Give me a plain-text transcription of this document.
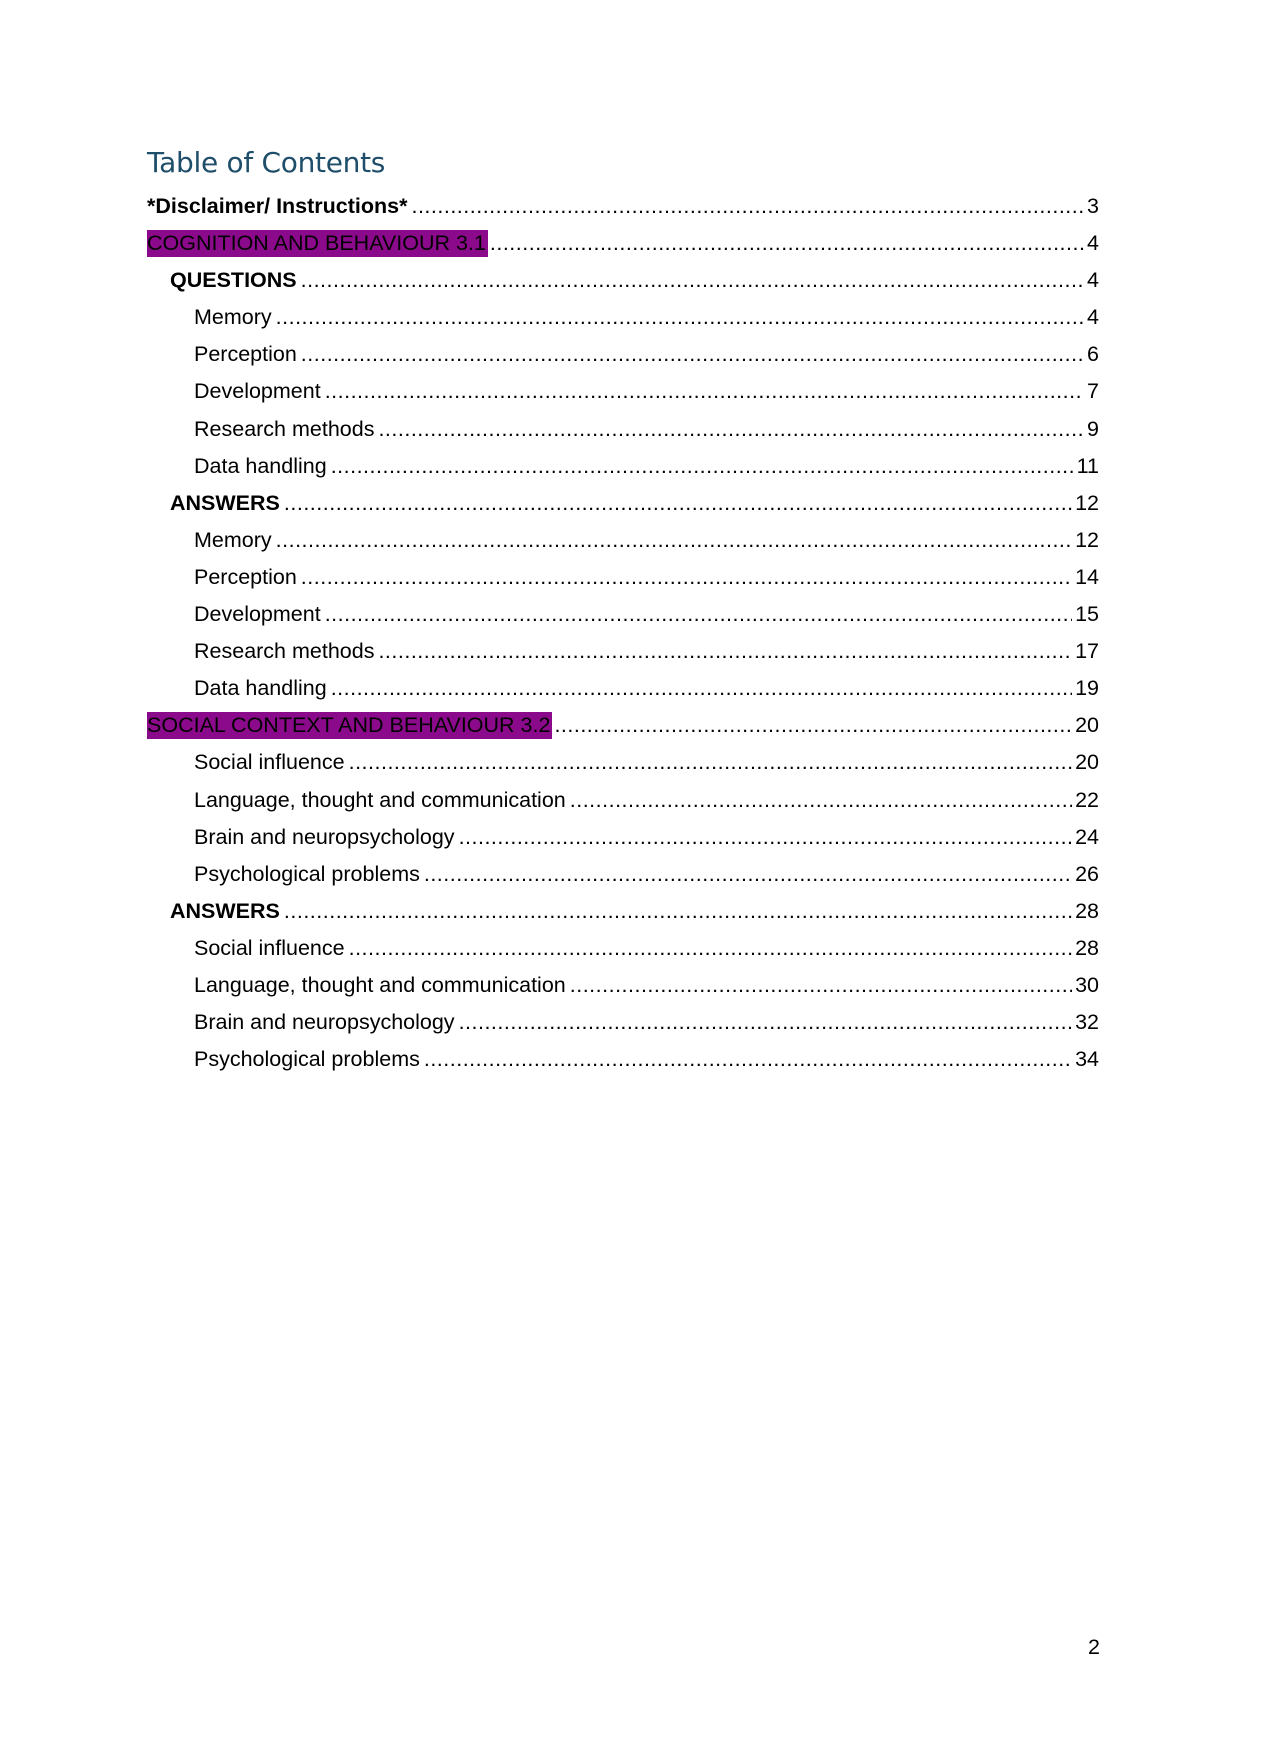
Table of Contents
*Disclaimer/ Instructions* .....	3
COGNITION AND BEHAVIOUR 3.1 .....	4
QUESTIONS .....	4
Memory .....	4
Perception .....	6
Development .....	7
Research methods .....	9
Data handling .....	11
ANSWERS .....	12
Memory .....	12
Perception .....	14
Development .....	15
Research methods .....	17
Data handling .....	19
SOCIAL CONTEXT AND BEHAVIOUR 3.2 .....	20
Social influence .....	20
Language, thought and communication .....	22
Brain and neuropsychology .....	24
Psychological problems .....	26
ANSWERS .....	28
Social influence .....	28
Language, thought and communication .....	30
Brain and neuropsychology .....	32
Psychological problems .....	34
2
